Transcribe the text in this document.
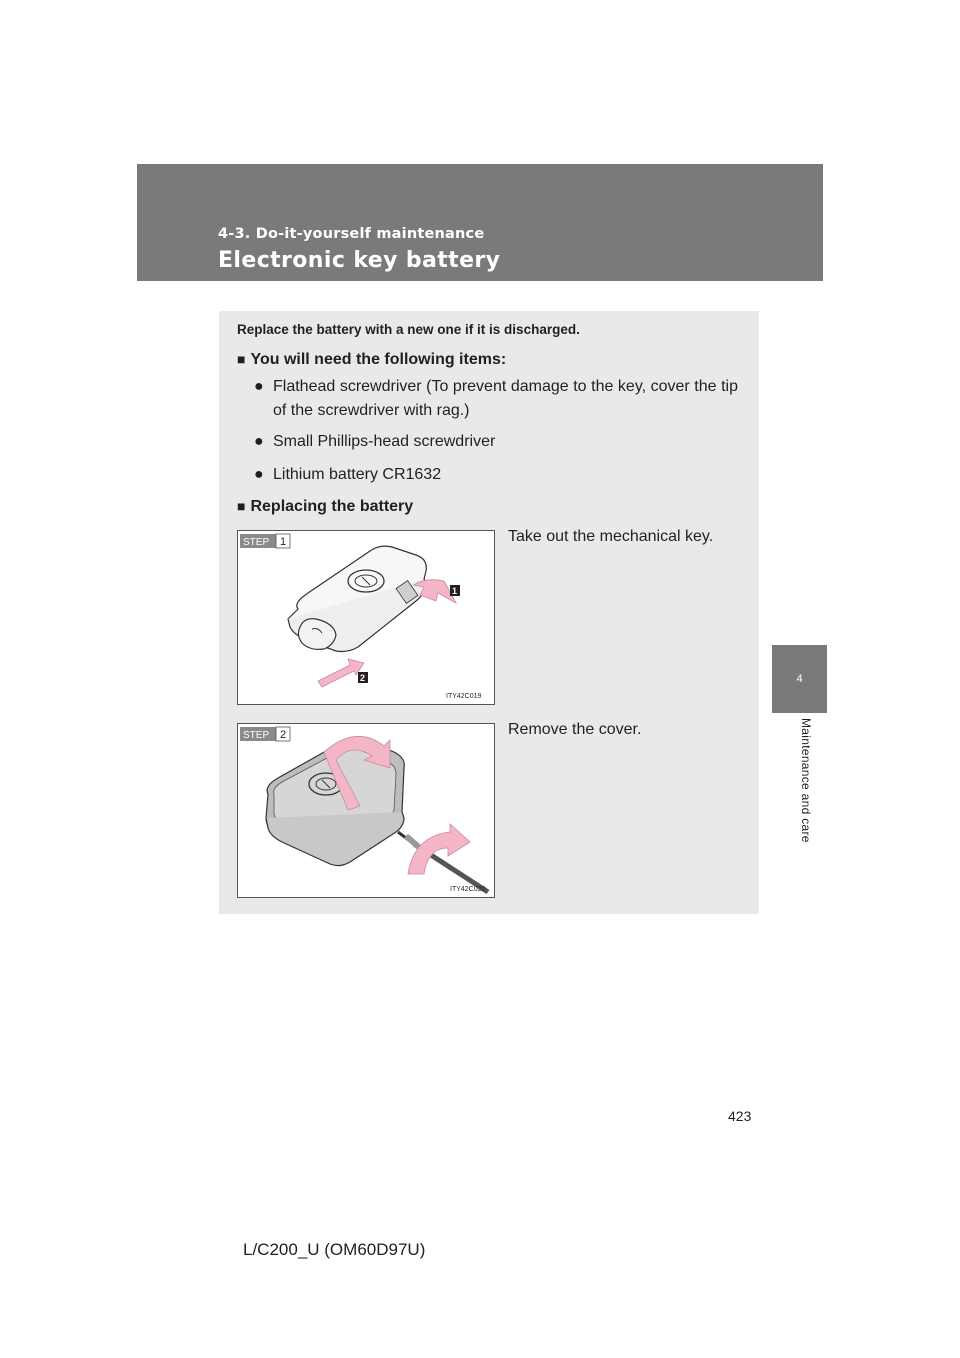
4-3. Do-it-yourself maintenance
Electronic key battery
4
Maintenance and care
Replace the battery with a new one if it is discharged.
■ You will need the following items:
● Flathead screwdriver (To prevent damage to the key, cover the tip of the screwdriver with rag.)
● Small Phillips-head screwdriver
● Lithium battery CR1632
■ Replacing the battery
STEP 1
1
2
ITY42C019
Take out the mechanical key.
STEP 2
ITY42C020
Remove the cover.
423
L/C200_U (OM60D97U)
